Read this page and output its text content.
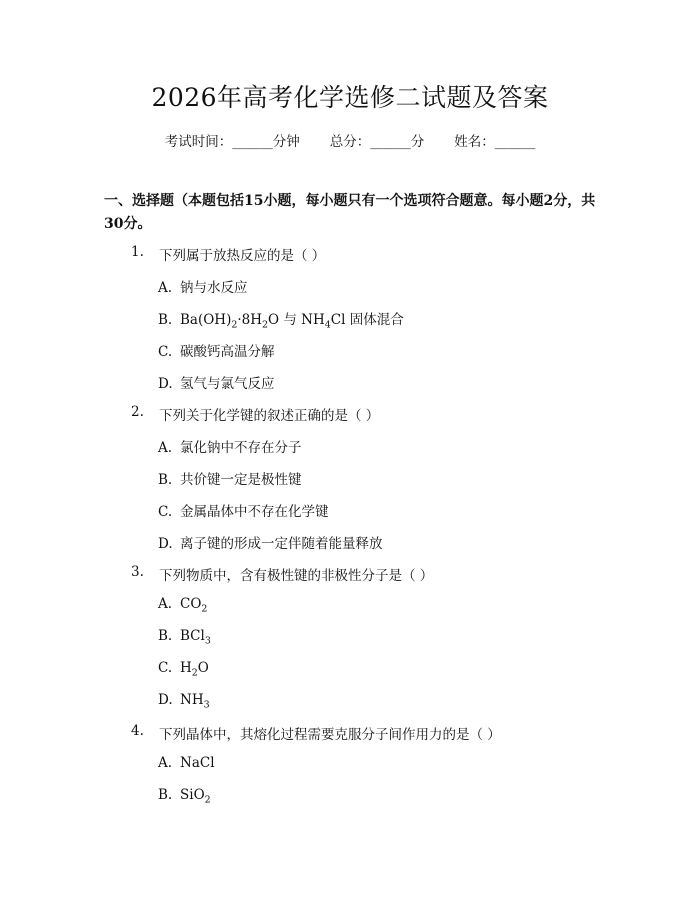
2026年高考化学选修二试题及答案
考试时间：______分钟 总分：______分 姓名：______
一、选择题（本题包括15小题，每小题只有一个选项符合题意。每小题2分，共30分。
1. 下列属于放热反应的是（ ）
A. 钠与水反应
B. $Ba(OH)_2\cdot 8H_2O$ 与 $NH_4Cl$ 固体混合
C. 碳酸钙高温分解
D. 氢气与氯气反应
2. 下列关于化学键的叙述正确的是（ ）
A. 氯化钠中不存在分子
B. 共价键一定是极性键
C. 金属晶体中不存在化学键
D. 离子键的形成一定伴随着能量释放
3. 下列物质中，含有极性键的非极性分子是（ ）
A. $CO_2$
B. BCl$_3$
C. $H_2O$
D. $NH_3$
4. 下列晶体中，其熔化过程需要克服分子间作用力的是（ ）
A. NaCl
B. SiO$_2$
